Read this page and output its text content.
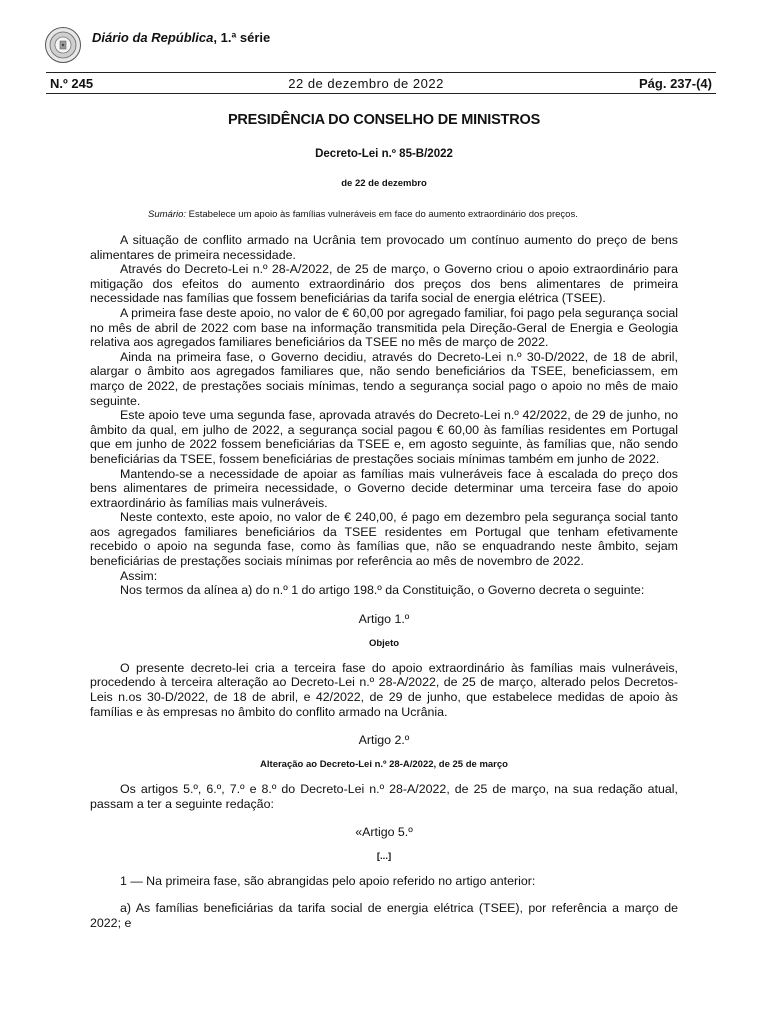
Diário da República, 1.ª série
N.º 245	22 de dezembro de 2022	Pág. 237-(4)
PRESIDÊNCIA DO CONSELHO DE MINISTROS
Decreto-Lei n.º 85-B/2022
de 22 de dezembro
Sumário: Estabelece um apoio às famílias vulneráveis em face do aumento extraordinário dos preços.

A situação de conflito armado na Ucrânia tem provocado um contínuo aumento do preço de bens alimentares de primeira necessidade.

Através do Decreto-Lei n.º 28-A/2022, de 25 de março, o Governo criou o apoio extraordinário para mitigação dos efeitos do aumento extraordinário dos preços dos bens alimentares de primeira necessidade nas famílias que fossem beneficiárias da tarifa social de energia elétrica (TSEE).

A primeira fase deste apoio, no valor de € 60,00 por agregado familiar, foi pago pela segurança social no mês de abril de 2022 com base na informação transmitida pela Direção-Geral de Energia e Geologia relativa aos agregados familiares beneficiários da TSEE no mês de março de 2022.

Ainda na primeira fase, o Governo decidiu, através do Decreto-Lei n.º 30-D/2022, de 18 de abril, alargar o âmbito aos agregados familiares que, não sendo beneficiários da TSEE, beneficiassem, em março de 2022, de prestações sociais mínimas, tendo a segurança social pago o apoio no mês de maio seguinte.

Este apoio teve uma segunda fase, aprovada através do Decreto-Lei n.º 42/2022, de 29 de junho, no âmbito da qual, em julho de 2022, a segurança social pagou € 60,00 às famílias residentes em Portugal que em junho de 2022 fossem beneficiárias da TSEE e, em agosto seguinte, às famílias que, não sendo beneficiárias da TSEE, fossem beneficiárias de prestações sociais mínimas também em junho de 2022.

Mantendo-se a necessidade de apoiar as famílias mais vulneráveis face à escalada do preço dos bens alimentares de primeira necessidade, o Governo decide determinar uma terceira fase do apoio extraordinário às famílias mais vulneráveis.

Neste contexto, este apoio, no valor de € 240,00, é pago em dezembro pela segurança social tanto aos agregados familiares beneficiários da TSEE residentes em Portugal que tenham efetivamente recebido o apoio na segunda fase, como às famílias que, não se enquadrando neste âmbito, sejam beneficiárias de prestações sociais mínimas por referência ao mês de novembro de 2022.

Assim:

Nos termos da alínea a) do n.º 1 do artigo 198.º da Constituição, o Governo decreta o seguinte:

Artigo 1.º
Objeto
O presente decreto-lei cria a terceira fase do apoio extraordinário às famílias mais vulneráveis, procedendo à terceira alteração ao Decreto-Lei n.º 28-A/2022, de 25 de março, alterado pelos Decretos-Leis n.os 30-D/2022, de 18 de abril, e 42/2022, de 29 de junho, que estabelece medidas de apoio às famílias e às empresas no âmbito do conflito armado na Ucrânia.
Artigo 2.º
Alteração ao Decreto-Lei n.º 28-A/2022, de 25 de março
Os artigos 5.º, 6.º, 7.º e 8.º do Decreto-Lei n.º 28-A/2022, de 25 de março, na sua redação atual, passam a ter a seguinte redação:
«Artigo 5.º
[...]
1 — Na primeira fase, são abrangidas pelo apoio referido no artigo anterior:
a) As famílias beneficiárias da tarifa social de energia elétrica (TSEE), por referência a março de 2022; e
